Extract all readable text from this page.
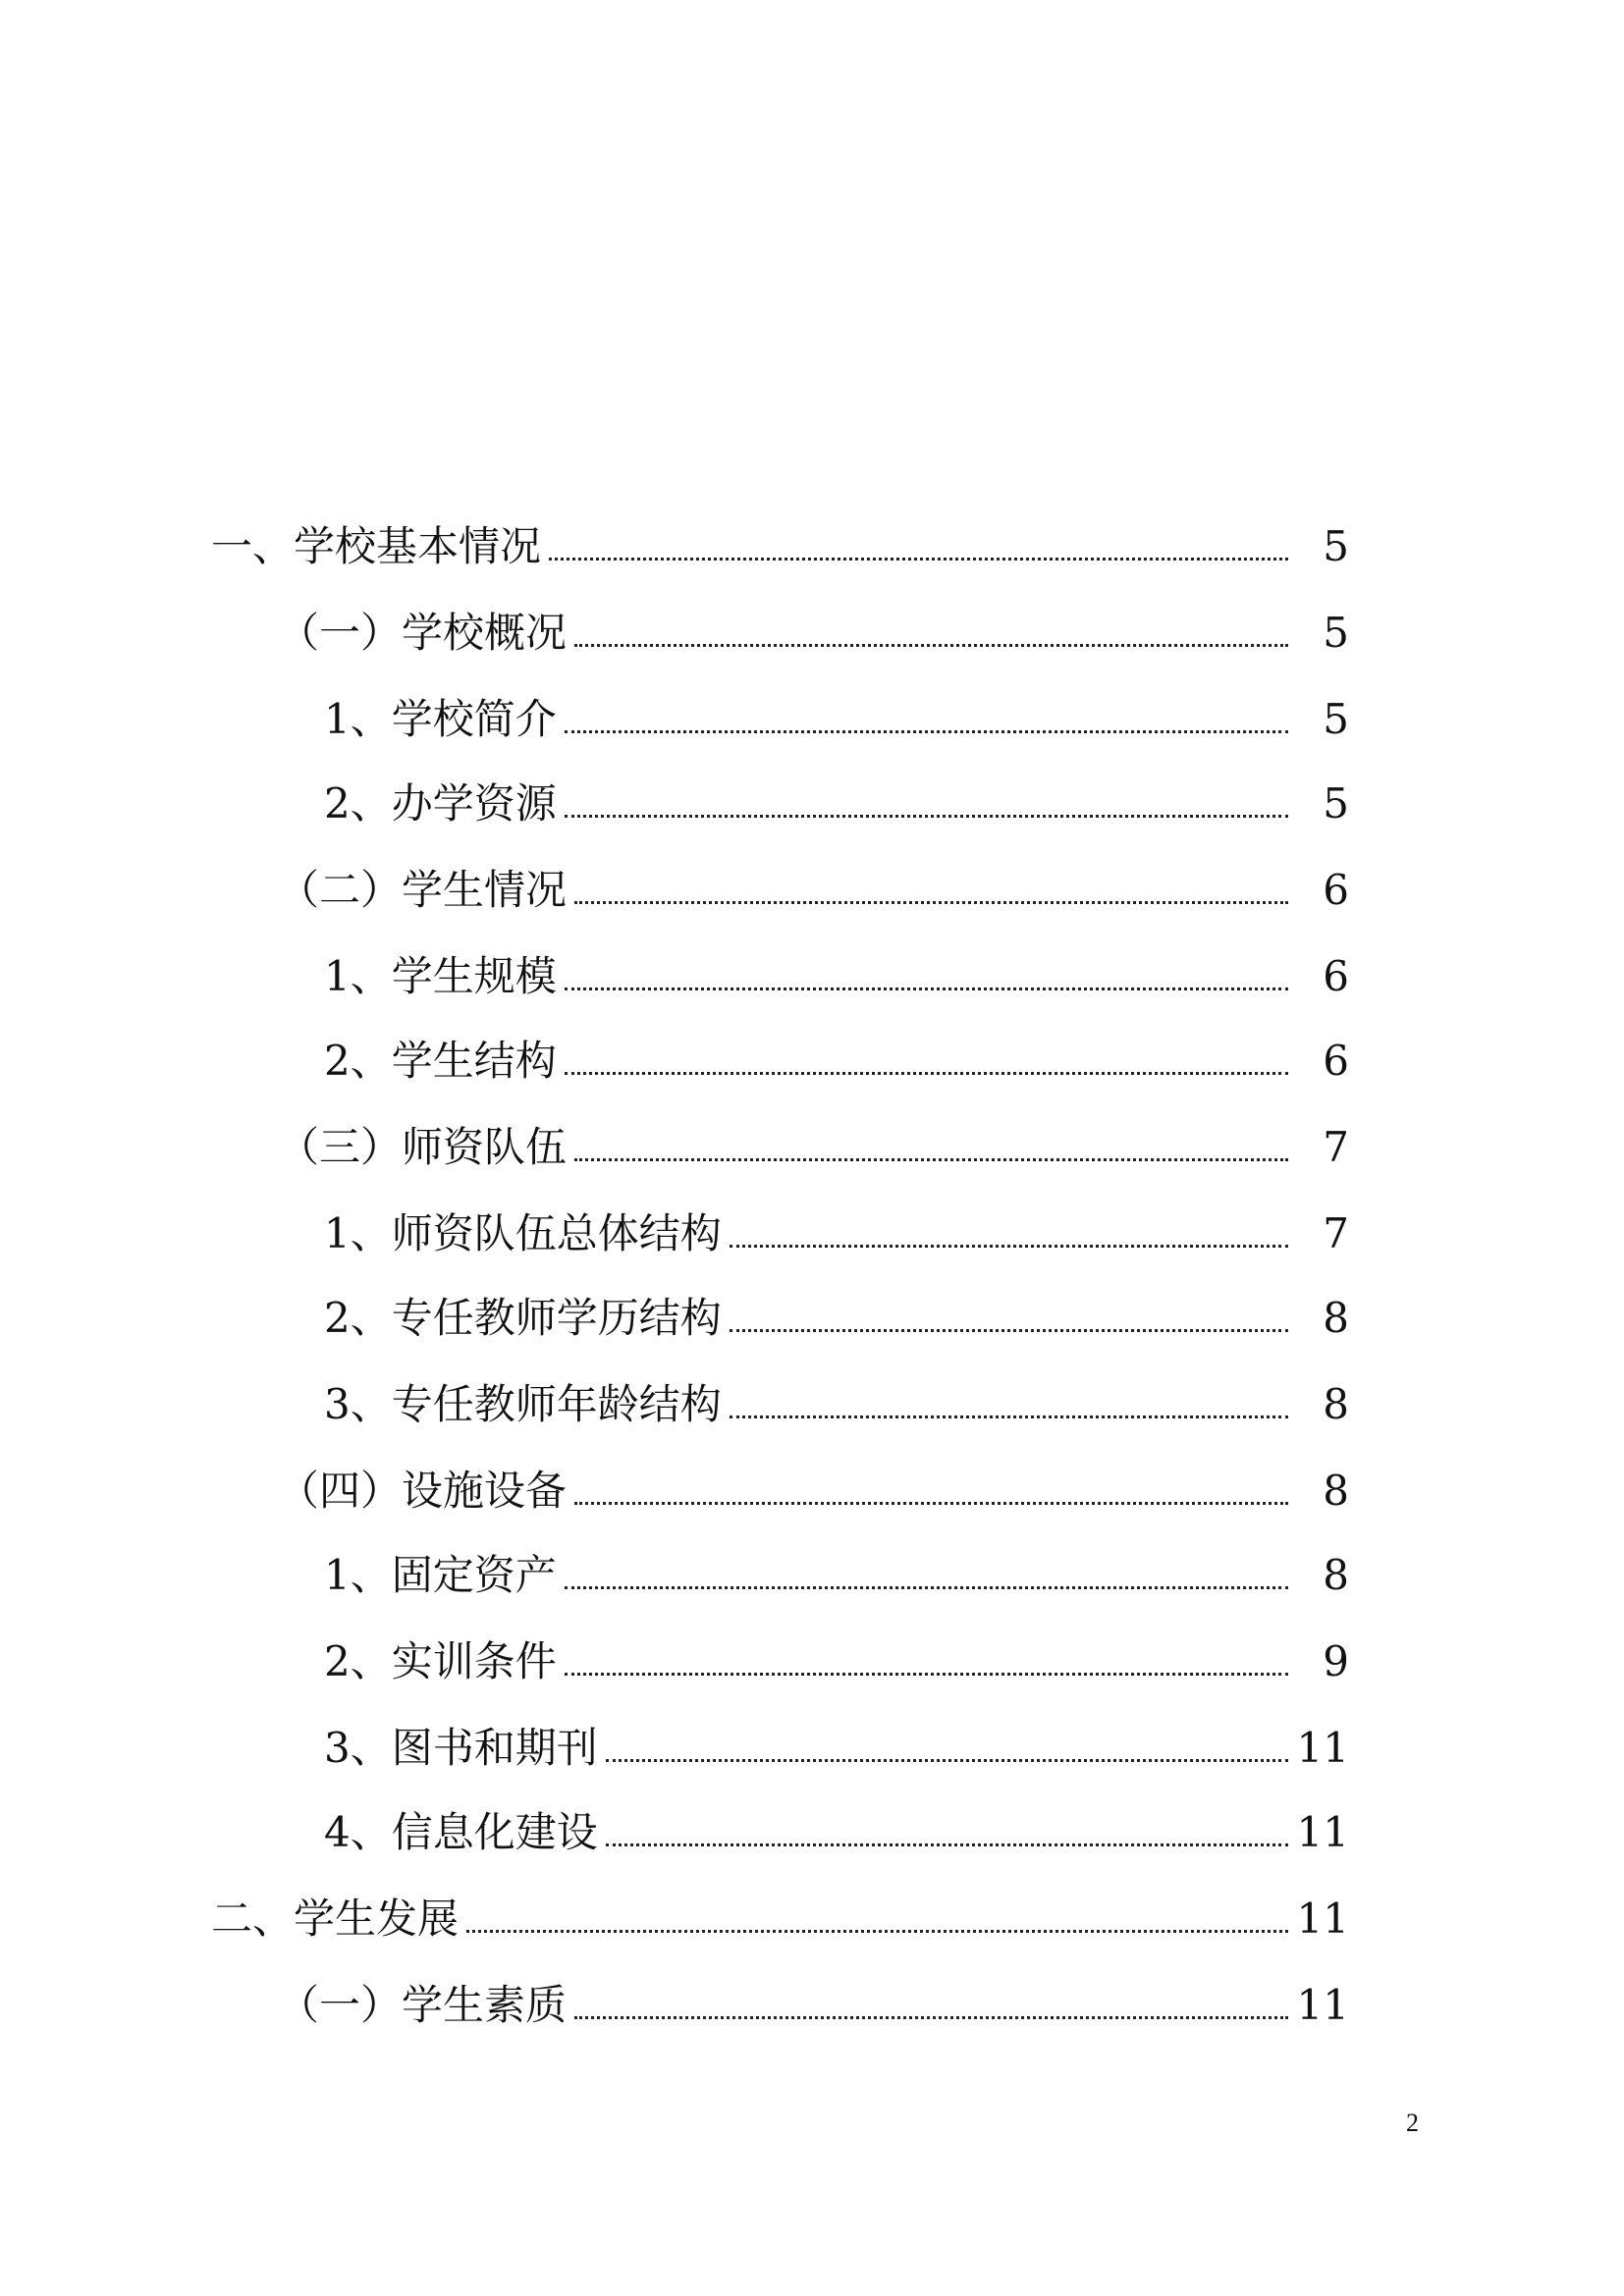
一、学校基本情况	5
（一）学校概况	5
1、学校简介	5
2、办学资源	5
（二）学生情况	6
1、学生规模	6
2、学生结构	6
（三）师资队伍	7
1、师资队伍总体结构	7
2、专任教师学历结构	8
3、专任教师年龄结构	8
（四）设施设备	8
1、固定资产	8
2、实训条件	9
3、图书和期刊	11
4、信息化建设	11
二、学生发展	11
（一）学生素质	11
2
